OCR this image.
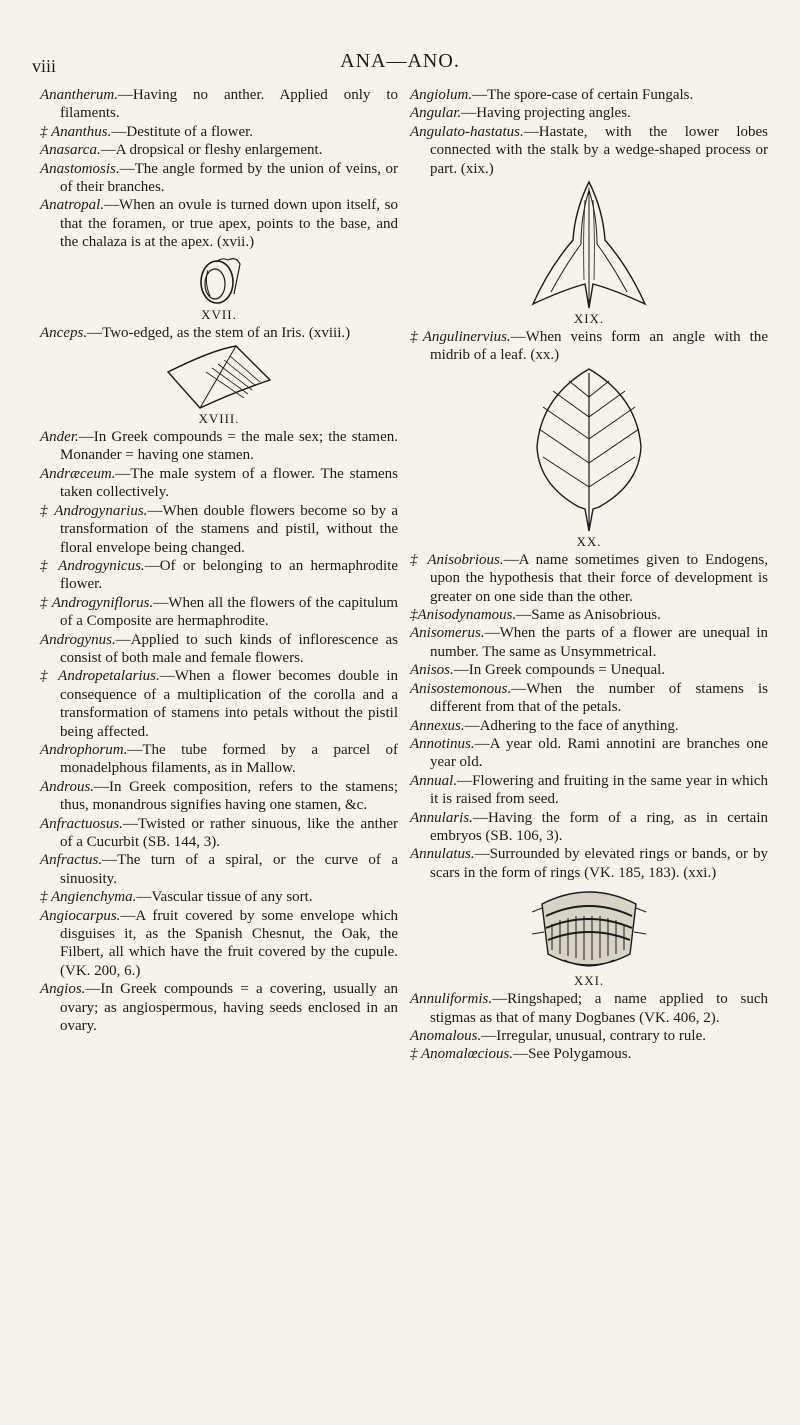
viii	ANA—ANO.

Anantherum.—Having no anther. Applied only to filaments.

‡ Ananthus.—Destitute of a flower.

Anasarca.—A dropsical or fleshy enlargement.

Anastomosis.—The angle formed by the union of veins, or of their branches.

Anatropal.—When an ovule is turned down upon itself, so that the foramen, or true apex, points to the base, and the chalaza is at the apex. (xvii.)

XVII.

Anceps.—Two-edged, as the stem of an Iris. (xviii.)

XVIII.

Ander.—In Greek compounds = the male sex; the stamen. Monander = having one stamen.

Andræceum.—The male system of a flower. The stamens taken collectively.

‡ Androgynarius.—When double flowers become so by a transformation of the stamens and pistil, without the floral envelope being changed.

‡ Androgynicus.—Of or belonging to an hermaphrodite flower.

‡ Androgyniflorus.—When all the flowers of the capitulum of a Composite are hermaphrodite.

Androgynus.—Applied to such kinds of inflorescence as consist of both male and female flowers.

‡ Andropetalarius.—When a flower becomes double in consequence of a multiplication of the corolla and a transformation of stamens into petals without the pistil being affected.

Androphorum.—The tube formed by a parcel of monadelphous filaments, as in Mallow.

Androus.—In Greek composition, refers to the stamens; thus, monandrous signifies having one stamen, &c.

Anfractuosus.—Twisted or rather sinuous, like the anther of a Cucurbit (SB. 144, 3).

Anfractus.—The turn of a spiral, or the curve of a sinuosity.

‡ Angienchyma.—Vascular tissue of any sort.

Angiocarpus.—A fruit covered by some envelope which disguises it, as the Spanish Chesnut, the Oak, the Filbert, all which have the fruit covered by the cupule. (VK. 200, 6.)

Angios.—In Greek compounds = a covering, usually an ovary; as angiospermous, having seeds enclosed in an ovary.

Angiolum.—The spore-case of certain Fungals.

Angular.—Having projecting angles.

Angulato-hastatus.—Hastate, with the lower lobes connected with the stalk by a wedge-shaped process or part. (xix.)

XIX.

‡Angulinervius.—When veins form an angle with the midrib of a leaf. (xx.)

XX.

‡ Anisobrious.—A name sometimes given to Endogens, upon the hypothesis that their force of development is greater on one side than the other.

‡Anisodynamous.—Same as Anisobrious.

Anisomerus.—When the parts of a flower are unequal in number. The same as Unsymmetrical.

Anisos.—In Greek compounds = Unequal.

Anisostemonous.—When the number of stamens is different from that of the petals.

Annexus.—Adhering to the face of anything.

Annotinus.—A year old. Rami annotini are branches one year old.

Annual.—Flowering and fruiting in the same year in which it is raised from seed.

Annularis.—Having the form of a ring, as in certain embryos (SB. 106, 3).

Annulatus.—Surrounded by elevated rings or bands, or by scars in the form of rings (VK. 185, 183). (xxi.)

XXI.

Annuliformis.—Ringshaped; a name applied to such stigmas as that of many Dogbanes (VK. 406, 2).

Anomalous.—Irregular, unusual, contrary to rule.

‡ Anomalœcious.—See Polygamous.
